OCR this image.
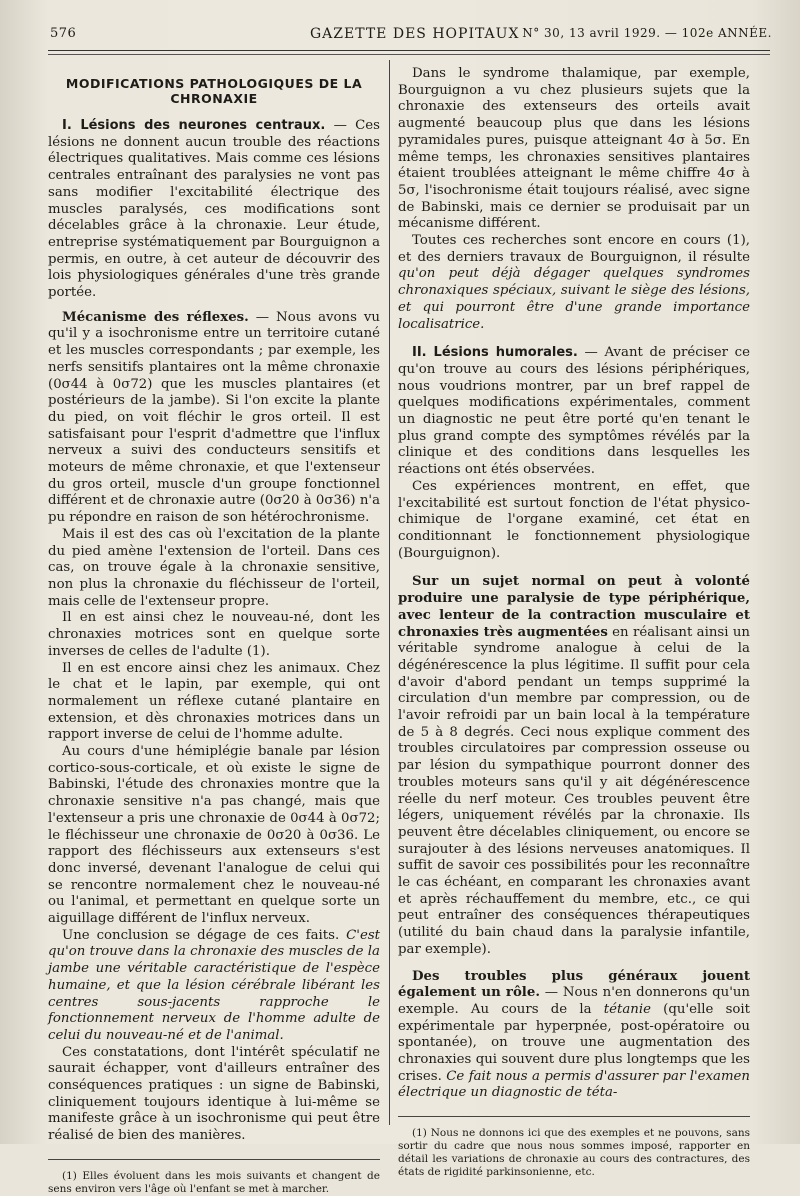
576	GAZETTE DES HOPITAUX N° 30, 13 avril 1929. — 102e ANNÉE.
MODIFICATIONS PATHOLOGIQUES DE LA CHRONAXIE

I. Lésions des neurones centraux. — Ces lésions ne donnent aucun trouble des réactions électriques qualitatives. Mais comme ces lésions centrales entraînant des paralysies ne vont pas sans modifier l'excitabilité électrique des muscles paralysés, ces modifications sont décelables grâce à la chronaxie. Leur étude, entreprise systématiquement par Bourguignon a permis, en outre, à cet auteur de découvrir des lois physiologiques générales d'une très grande portée.

Mécanisme des réflexes. — Nous avons vu qu'il y a isochronisme entre un territoire cutané et les muscles correspondants ; par exemple, les nerfs sensitifs plantaires ont la même chronaxie (0σ44 à 0σ72) que les muscles plantaires (et postérieurs de la jambe). Si l'on excite la plante du pied, on voit fléchir le gros orteil. Il est satisfaisant pour l'esprit d'admettre que l'influx nerveux a suivi des conducteurs sensitifs et moteurs de même chronaxie, et que l'extenseur du gros orteil, muscle d'un groupe fonctionnel différent et de chronaxie autre (0σ20 à 0σ36) n'a pu répondre en raison de son hétérochronisme.

Mais il est des cas où l'excitation de la plante du pied amène l'extension de l'orteil. Dans ces cas, on trouve égale à la chronaxie sensitive, non plus la chronaxie du fléchisseur de l'orteil, mais celle de l'extenseur propre.

Il en est ainsi chez le nouveau-né, dont les chronaxies motrices sont en quelque sorte inverses de celles de l'adulte (1).

Il en est encore ainsi chez les animaux. Chez le chat et le lapin, par exemple, qui ont normalement un réflexe cutané plantaire en extension, et dès chronaxies motrices dans un rapport inverse de celui de l'homme adulte.

Au cours d'une hémiplégie banale par lésion cortico-sous-corticale, et où existe le signe de Babinski, l'étude des chronaxies montre que la chronaxie sensitive n'a pas changé, mais que l'extenseur a pris une chronaxie de 0σ44 à 0σ72; le fléchisseur une chronaxie de 0σ20 à 0σ36. Le rapport des fléchisseurs aux extenseurs s'est donc inversé, devenant l'analogue de celui qui se rencontre normalement chez le nouveau-né ou l'animal, et permettant en quelque sorte un aiguillage différent de l'influx nerveux.

Une conclusion se dégage de ces faits. C'est qu'on trouve dans la chronaxie des muscles de la jambe une véritable caractéristique de l'espèce humaine, et que la lésion cérébrale libérant les centres sous-jacents rapproche le fonctionnement nerveux de l'homme adulte de celui du nouveau-né et de l'animal.

Ces constatations, dont l'intérêt spéculatif ne saurait échapper, vont d'ailleurs entraîner des conséquences pratiques : un signe de Babinski, cliniquement toujours identique à lui-même se manifeste grâce à un isochronisme qui peut être réalisé de bien des manières.

(1) Elles évoluent dans les mois suivants et changent de sens environ vers l'âge où l'enfant se met à marcher.

Dans le syndrome thalamique, par exemple, Bourguignon a vu chez plusieurs sujets que la chronaxie des extenseurs des orteils avait augmenté beaucoup plus que dans les lésions pyramidales pures, puisque atteignant 4σ à 5σ. En même temps, les chronaxies sensitives plantaires étaient troublées atteignant le même chiffre 4σ à 5σ, l'isochronisme était toujours réalisé, avec signe de Babinski, mais ce dernier se produisait par un mécanisme différent.

Toutes ces recherches sont encore en cours (1), et des derniers travaux de Bourguignon, il résulte qu'on peut déjà dégager quelques syndromes chronaxiques spéciaux, suivant le siège des lésions, et qui pourront être d'une grande importance localisatrice.

II. Lésions humorales. — Avant de préciser ce qu'on trouve au cours des lésions périphériques, nous voudrions montrer, par un bref rappel de quelques modifications expérimentales, comment un diagnostic ne peut être porté qu'en tenant le plus grand compte des symptômes révélés par la clinique et des conditions dans lesquelles les réactions ont étés observées.

Ces expériences montrent, en effet, que l'excitabilité est surtout fonction de l'état physico-chimique de l'organe examiné, cet état en conditionnant le fonctionnement physiologique (Bourguignon).

Sur un sujet normal on peut à volonté produire une paralysie de type périphérique, avec lenteur de la contraction musculaire et chronaxies très augmentées en réalisant ainsi un véritable syndrome analogue à celui de la dégénérescence la plus légitime. Il suffit pour cela d'avoir d'abord pendant un temps supprimé la circulation d'un membre par compression, ou de l'avoir refroidi par un bain local à la température de 5 à 8 degrés. Ceci nous explique comment des troubles circulatoires par compression osseuse ou par lésion du sympathique pourront donner des troubles moteurs sans qu'il y ait dégénérescence réelle du nerf moteur. Ces troubles peuvent être légers, uniquement révélés par la chronaxie. Ils peuvent être décelables cliniquement, ou encore se surajouter à des lésions nerveuses anatomiques. Il suffit de savoir ces possibilités pour les reconnaître le cas échéant, en comparant les chronaxies avant et après réchauffement du membre, etc., ce qui peut entraîner des conséquences thérapeutiques (utilité du bain chaud dans la paralysie infantile, par exemple).

Des troubles plus généraux jouent également un rôle. — Nous n'en donnerons qu'un exemple. Au cours de la tétanie (qu'elle soit expérimentale par hyperpnée, post-opératoire ou spontanée), on trouve une augmentation des chronaxies qui souvent dure plus longtemps que les crises. Ce fait nous a permis d'assurer par l'examen électrique un diagnostic de téta-

(1) Nous ne donnons ici que des exemples et ne pouvons, sans sortir du cadre que nous nous sommes imposé, rapporter en détail les variations de chronaxie au cours des contractures, des états de rigidité parkinsonienne, etc.
